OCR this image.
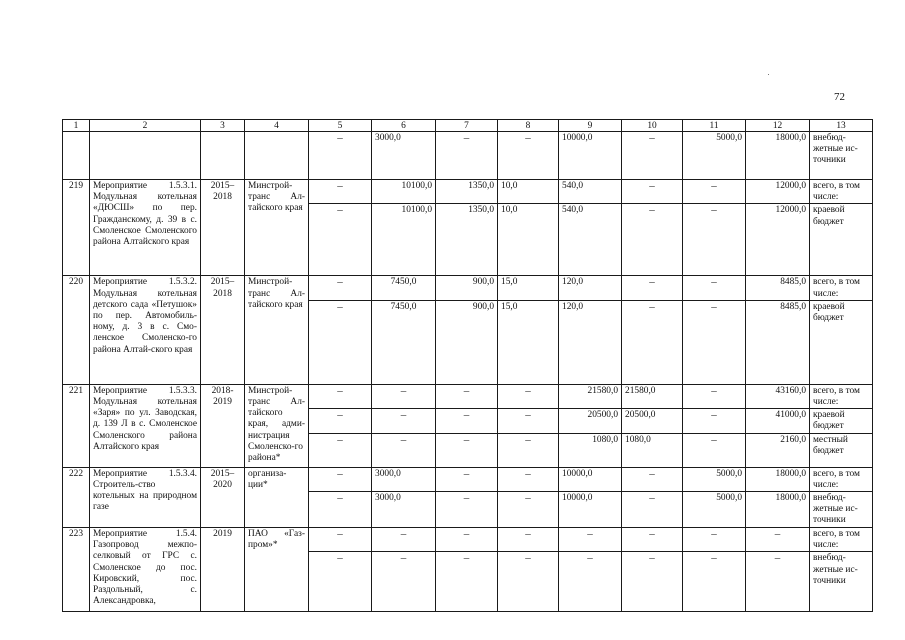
72
1	2	3	4	5	6	7	8	9	10	11	12	13
				–	3000,0	–	–	10000,0	–	5000,0	18000,0	внебюд-жетные ис-точники
219	Мероприятие 1.5.3.1. Модульная котельная «ДЮСШ» по пер. Гражданскому, д. 39 в с. Смоленское Смоленского района Алтайского края	2015–2018	Минстрой-транс Ал-тайского края	–	10100,0	1350,0	10,0	540,0	–	–	12000,0	всего, в том числе:
				–	10100,0	1350,0	10,0	540,0	–	–	12000,0	краевой бюджет
220	Мероприятие 1.5.3.2. Модульная котельная детского сада «Петушок» по пер. Автомобиль-ному, д. 3 в с. Смо-ленское Смоленско-го района Алтай-ского края	2015–2018	Минстрой-транс Ал-тайского края	–	7450,0	900,0	15,0	120,0	–	–	8485,0	всего, в том числе:
				–	7450,0	900,0	15,0	120,0	–	–	8485,0	краевой бюджет
221	Мероприятие 1.5.3.3. Модульная котельная «Заря» по ул. Заводская, д. 139 Л в с. Смоленское Смоленского района Алтайского края	2018-2019	Минстрой-транс Ал-тайского края, адми-нистрация Смоленско-го района*	–	–	–	–	21580,0	21580,0	–	43160,0	всего, в том числе:
				–	–	–	–	20500,0	20500,0	–	41000,0	краевой бюджет
				–	–	–	–	1080,0	1080,0	–	2160,0	местный бюджет
222	Мероприятие 1.5.3.4. Строитель-ство котельных на природном газе	2015–2020	организа-ции*	–	3000,0	–	–	10000,0	–	5000,0	18000,0	всего, в том числе:
				–	3000,0	–	–	10000,0	–	5000,0	18000,0	внебюд-жетные ис-точники
223	Мероприятие 1.5.4. Газопровод межпо-селковый от ГРС с. Смоленское до пос. Кировский, пос. Раздольный, с. Александровка,	2019	ПАО «Газ-пром»*	–	–	–	–	–	–	–	–	всего, в том числе:
				–	–	–	–	–	–	–	–	внебюд-жетные ис-точники
